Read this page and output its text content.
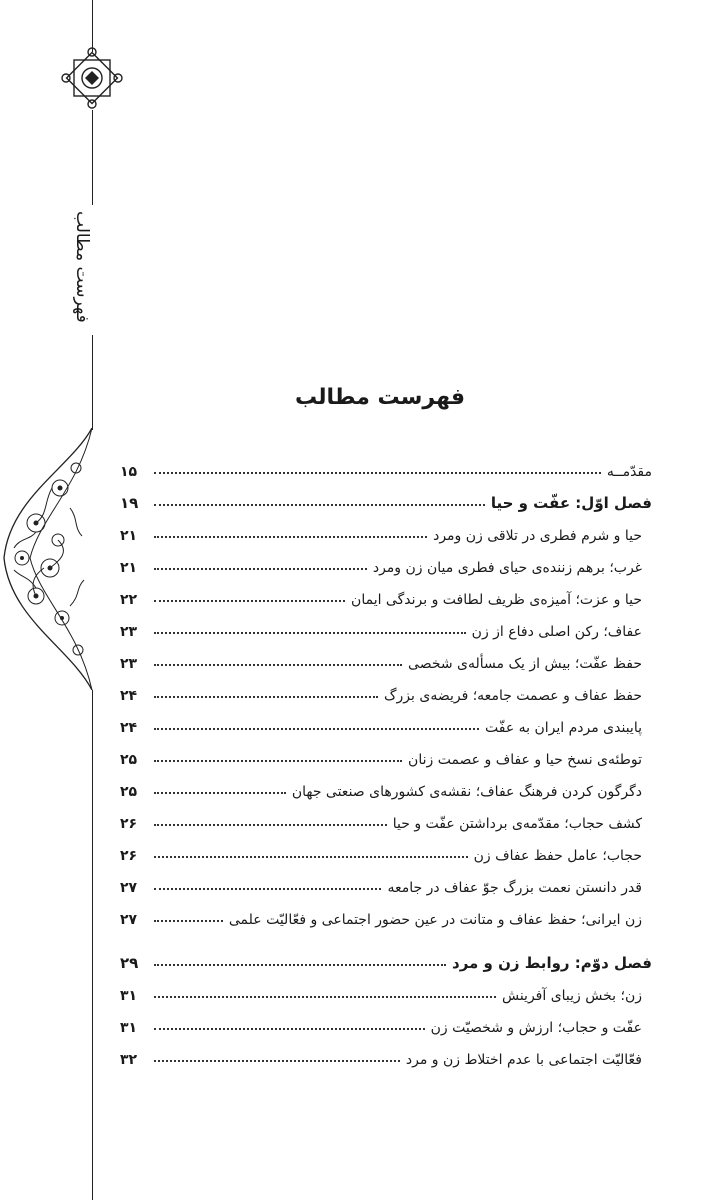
فهرست مطالب
فهرست مطالب
مقدّمــه
۱۵
فصل اوّل: عفّت و حیا
۱۹
حیا و شرم فطری در تلاقی زن ومرد
۲۱
غرب؛ برهم زننده‌ی حیای فطری میان زن ومرد
۲۱
حیا و عزت؛ آمیزه‌ی ظریف لطافت و برندگی ایمان
۲۲
عفاف؛ رکن اصلی دفاع از زن
۲۳
حفظ عفّت؛ بیش از یک مسأله‌ی شخصی
۲۳
حفظ عفاف و عصمت جامعه؛ فریضه‌ی بزرگ
۲۴
پایبندی مردم ایران به عفّت
۲۴
توطئه‌ی نسخ حیا و عفاف و عصمت زنان
۲۵
دگرگون کردن فرهنگ عفاف؛ نقشه‌ی کشورهای صنعتی جهان
۲۵
کشف حجاب؛ مقدّمه‌ی برداشتن عفّت و حیا
۲۶
حجاب؛ عامل حفظ عفاف زن
۲۶
قدر دانستن نعمت بزرگ جوّ عفاف در جامعه
۲۷
زن ایرانی؛ حفظ عفاف و متانت در عین حضور اجتماعی و فعّالیّت علمی
۲۷
فصل دوّم: روابط زن و مرد
۲۹
زن؛ بخش زیبای آفرینش
۳۱
عفّت و حجاب؛ ارزش و شخصیّت زن
۳۱
فعّالیّت اجتماعی با عدم اختلاط زن و مرد
۳۲
